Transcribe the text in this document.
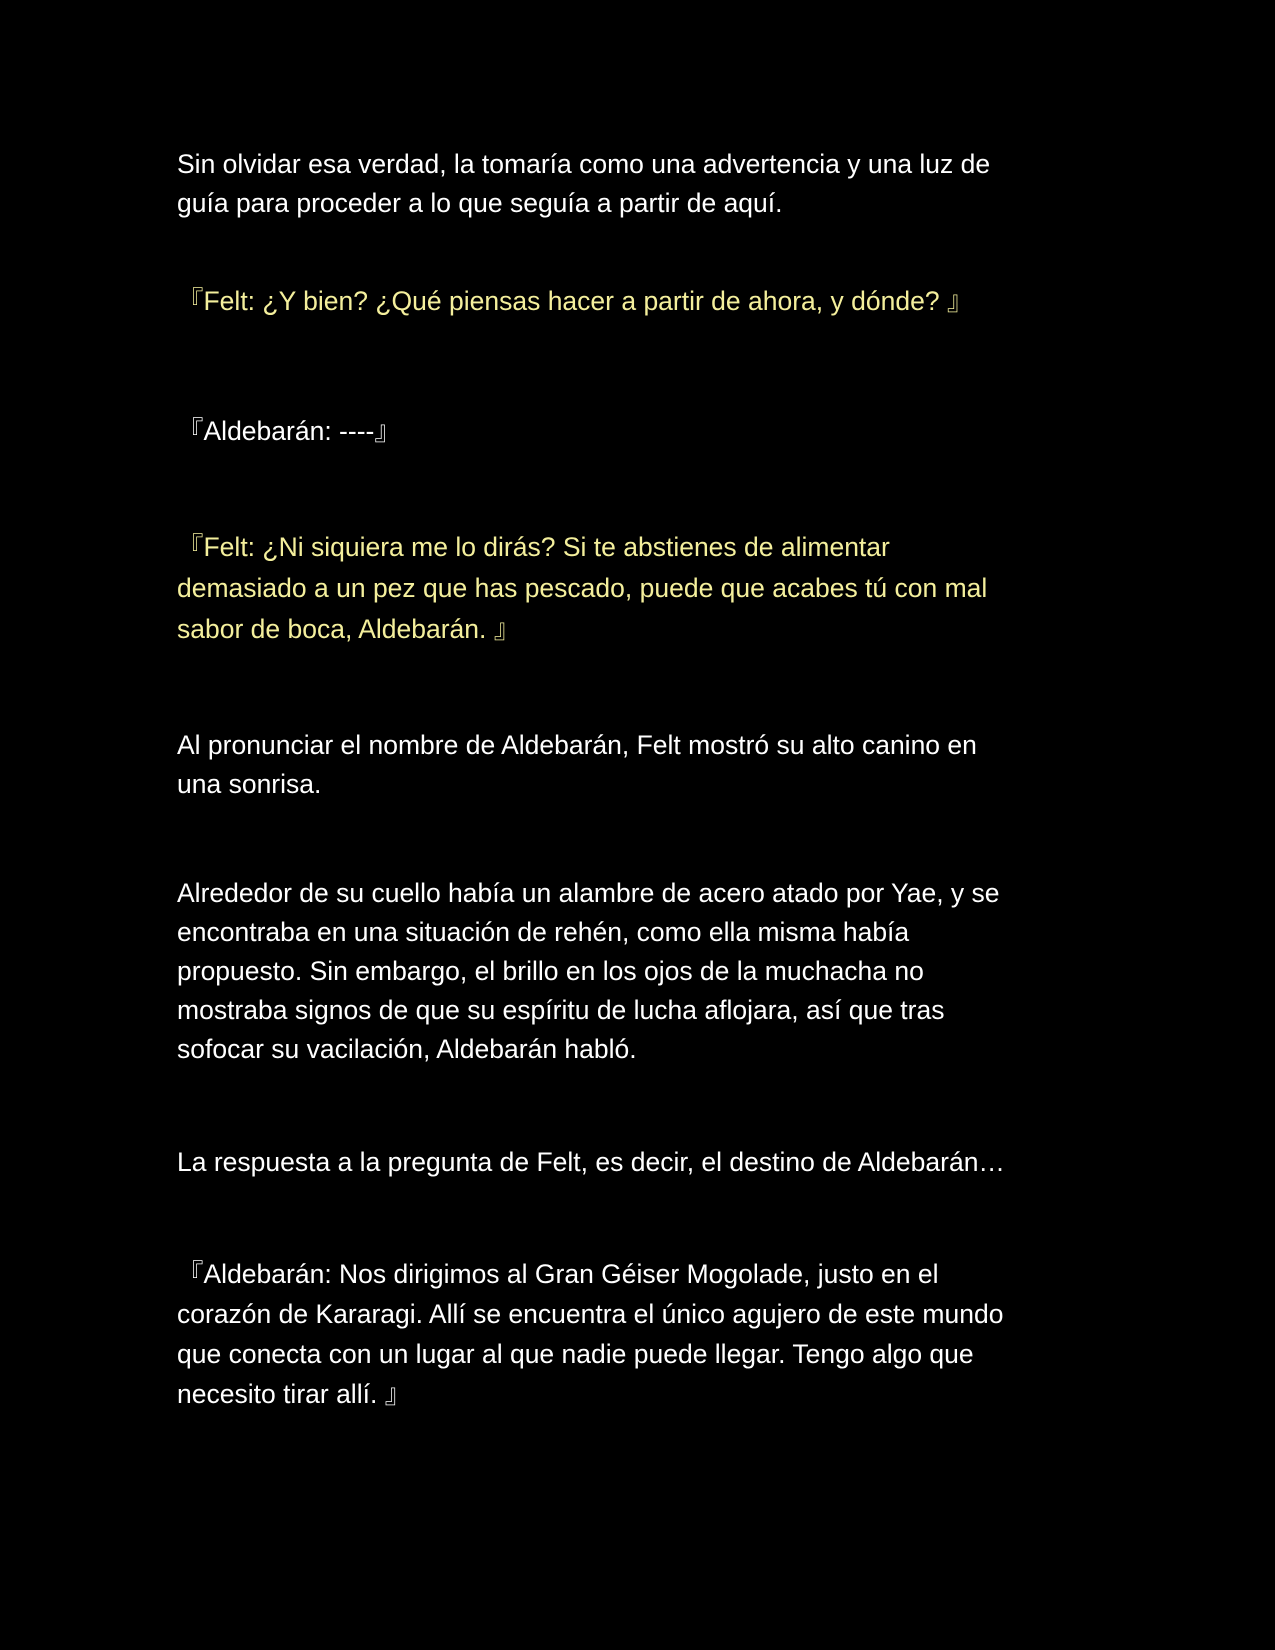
Sin olvidar esa verdad, la tomaría como una advertencia y una luz de
guía para proceder a lo que seguía a partir de aquí.

『Felt: ¿Y bien? ¿Qué piensas hacer a partir de ahora, y dónde? 』

『Aldebarán: ----』

『Felt: ¿Ni siquiera me lo dirás? Si te abstienes de alimentar
demasiado a un pez que has pescado, puede que acabes tú con mal
sabor de boca, Aldebarán. 』

Al pronunciar el nombre de Aldebarán, Felt mostró su alto canino en
una sonrisa.

Alrededor de su cuello había un alambre de acero atado por Yae, y se
encontraba en una situación de rehén, como ella misma había
propuesto. Sin embargo, el brillo en los ojos de la muchacha no
mostraba signos de que su espíritu de lucha aflojara, así que tras
sofocar su vacilación, Aldebarán habló.

La respuesta a la pregunta de Felt, es decir, el destino de Aldebarán…

『Aldebarán: Nos dirigimos al Gran Géiser Mogolade, justo en el
corazón de Kararagi. Allí se encuentra el único agujero de este mundo
que conecta con un lugar al que nadie puede llegar. Tengo algo que
necesito tirar allí. 』
